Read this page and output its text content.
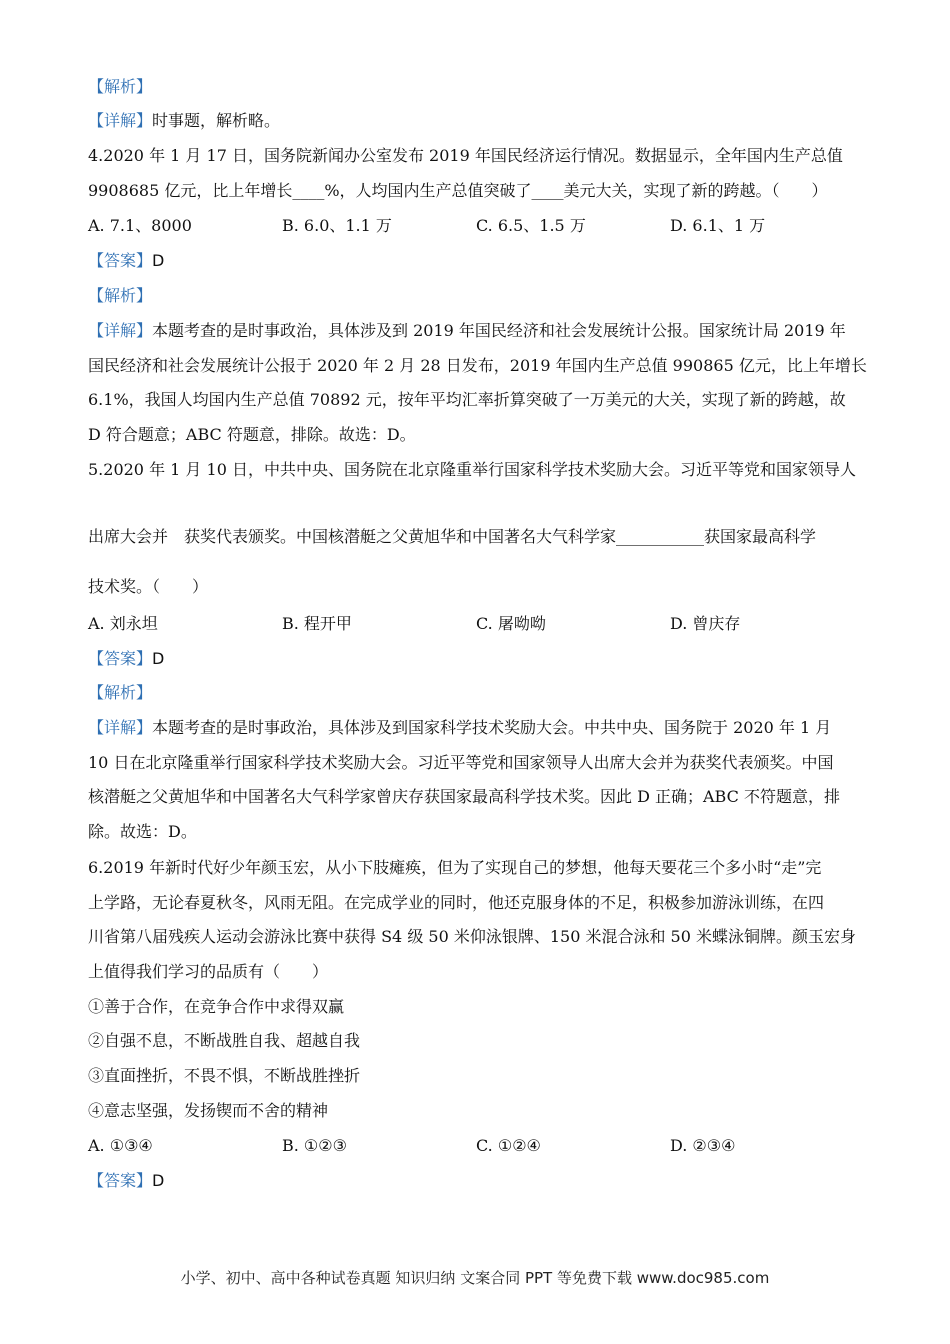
【解析】
【详解】时事题，解析略。
4.2020 年 1 月 17 日，国务院新闻办公室发布 2019 年国民经济运行情况。数据显示，全年国内生产总值
9908685 亿元，比上年增长____%，人均国内生产总值突破了____美元大关，实现了新的跨越。（　　）
A. 7.1、8000	B. 6.0、1.1 万	C. 6.5、1.5 万	D. 6.1、1 万
【答案】D
【解析】
【详解】本题考查的是时事政治，具体涉及到 2019 年国民经济和社会发展统计公报。国家统计局 2019 年
国民经济和社会发展统计公报于 2020 年 2 月 28 日发布，2019 年国内生产总值 990865 亿元，比上年增长
6.1%，我国人均国内生产总值 70892 元，按年平均汇率折算突破了一万美元的大关，实现了新的跨越，故
D 符合题意；ABC 符题意，排除。故选：D。
5.2020 年 1 月 10 日，中共中央、国务院在北京隆重举行国家科学技术奖励大会。习近平等党和国家领导人
出席大会并　获奖代表颁奖。中国核潜艇之父黄旭华和中国著名大气科学家___________获国家最高科学
技术奖。（　　）
A. 刘永坦	B. 程开甲	C. 屠呦呦	D. 曾庆存
【答案】D
【解析】
【详解】本题考查的是时事政治，具体涉及到国家科学技术奖励大会。中共中央、国务院于 2020 年 1 月
10 日在北京隆重举行国家科学技术奖励大会。习近平等党和国家领导人出席大会并为获奖代表颁奖。中国
核潜艇之父黄旭华和中国著名大气科学家曾庆存获国家最高科学技术奖。因此 D 正确；ABC 不符题意，排
除。故选：D。
6.2019 年新时代好少年颜玉宏，从小下肢瘫痪，但为了实现自己的梦想，他每天要花三个多小时“走”完
上学路，无论春夏秋冬，风雨无阻。在完成学业的同时，他还克服身体的不足，积极参加游泳训练，在四
川省第八届残疾人运动会游泳比赛中获得 S4 级 50 米仰泳银牌、150 米混合泳和 50 米蝶泳铜牌。颜玉宏身
上值得我们学习的品质有（　　）
①善于合作，在竞争合作中求得双赢
②自强不息，不断战胜自我、超越自我
③直面挫折，不畏不惧，不断战胜挫折
④意志坚强，发扬锲而不舍的精神
A. ①③④	B. ①②③	C. ①②④	D. ②③④
【答案】D
小学、初中、高中各种试卷真题 知识归纳 文案合同 PPT 等免费下载 www.doc985.com
